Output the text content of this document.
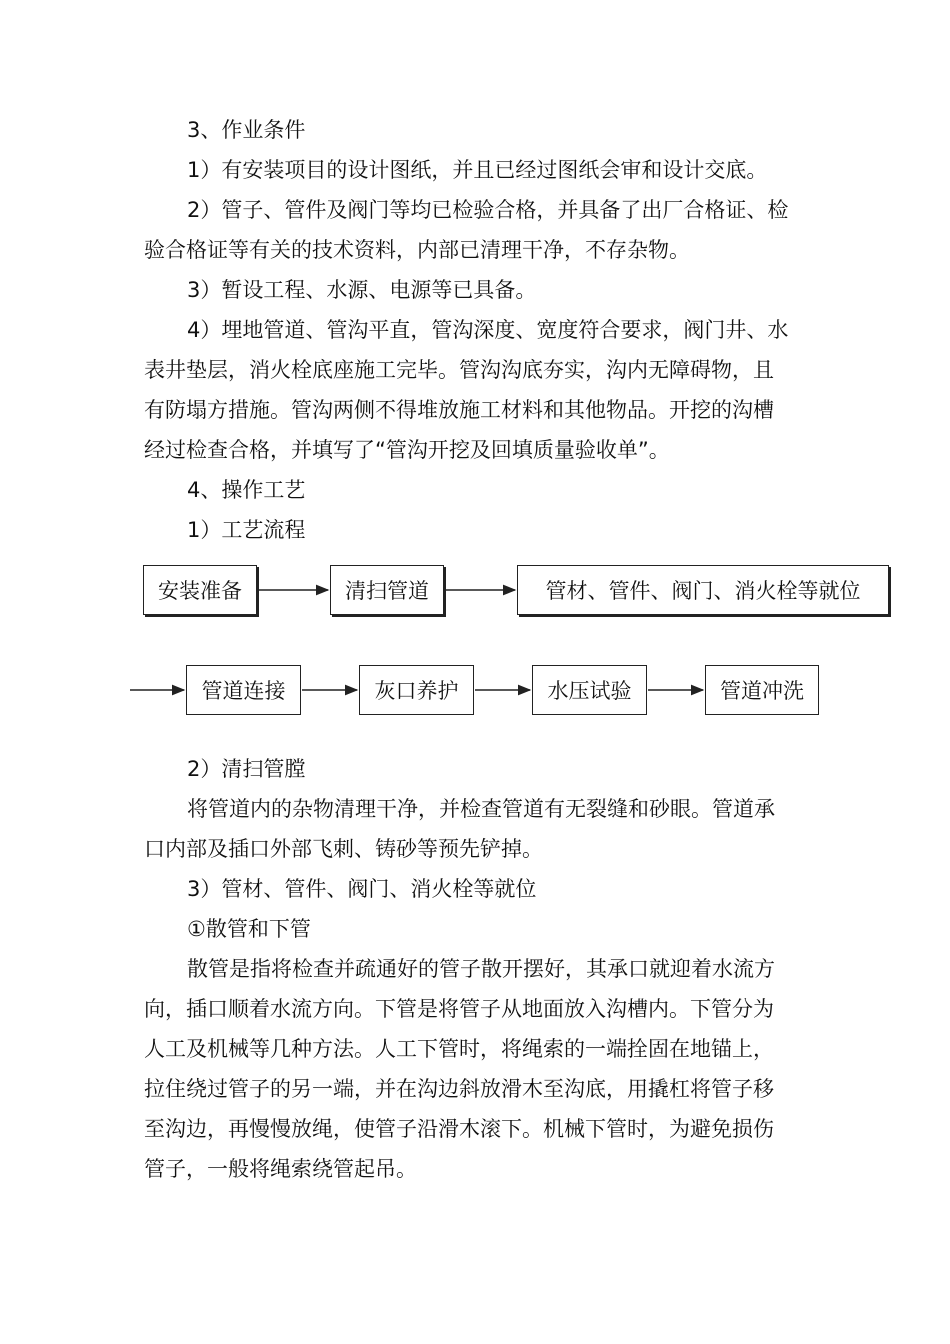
3、作业条件
1）有安装项目的设计图纸，并且已经过图纸会审和设计交底。
2）管子、管件及阀门等均已检验合格，并具备了出厂合格证、检
验合格证等有关的技术资料，内部已清理干净，不存杂物。
3）暂设工程、水源、电源等已具备。
4）埋地管道、管沟平直，管沟深度、宽度符合要求，阀门井、水
表井垫层，消火栓底座施工完毕。管沟沟底夯实，沟内无障碍物，且
有防塌方措施。管沟两侧不得堆放施工材料和其他物品。开挖的沟槽
经过检查合格，并填写了“管沟开挖及回填质量验收单”。
4、操作工艺
1）工艺流程
安装准备	清扫管道	管材、管件、阀门、消火栓等就位
管道连接	灰口养护	水压试验	管道冲洗
2）清扫管膛
将管道内的杂物清理干净，并检查管道有无裂缝和砂眼。管道承
口内部及插口外部飞刺、铸砂等预先铲掉。
3）管材、管件、阀门、消火栓等就位
①散管和下管
散管是指将检查并疏通好的管子散开摆好，其承口就迎着水流方
向，插口顺着水流方向。下管是将管子从地面放入沟槽内。下管分为
人工及机械等几种方法。人工下管时，将绳索的一端拴固在地锚上，
拉住绕过管子的另一端，并在沟边斜放滑木至沟底，用撬杠将管子移
至沟边，再慢慢放绳，使管子沿滑木滚下。机械下管时，为避免损伤
管子，一般将绳索绕管起吊。
